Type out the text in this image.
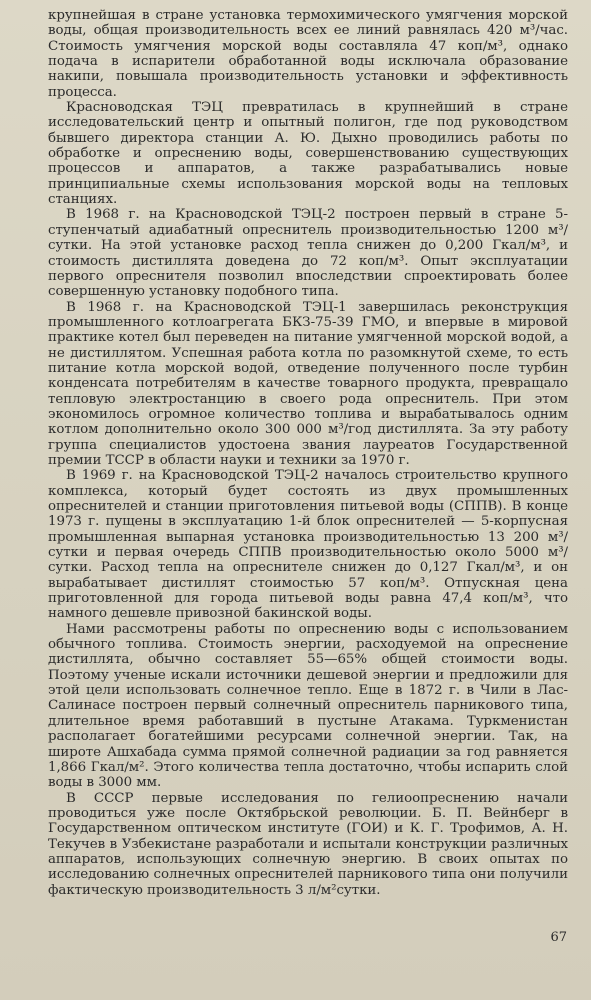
крупнейшая в стране установка термохимического умягчения морской воды, общая производительность всех ее линий равнялась 420 м³/час. Стоимость умягчения морской воды составляла 47 коп/м³, однако подача в испарители обработанной воды исключала образование накипи, повышала производительность установки и эффективность процесса.

Красноводская ТЭЦ превратилась в крупнейший в стране исследовательский центр и опытный полигон, где под руководством бывшего директора станции А. Ю. Дыхно проводились работы по обработке и опреснению воды, совершенствованию существующих процессов и аппаратов, а также разрабатывались новые принципиальные схемы использования морской воды на тепловых станциях.

В 1968 г. на Красноводской ТЭЦ-2 построен первый в стране 5-ступенчатый адиабатный опреснитель производительностью 1200 м³/сутки. На этой установке расход тепла снижен до 0,200 Гкал/м³, и стоимость дистиллята доведена до 72 коп/м³. Опыт эксплуатации первого опреснителя позволил впоследствии спроектировать более совершенную установку подобного типа.

В 1968 г. на Красноводской ТЭЦ-1 завершилась реконструкция промышленного котлоагрегата БКЗ-75-39 ГМО, и впервые в мировой практике котел был переведен на питание умягченной морской водой, а не дистиллятом. Успешная работа котла по разомкнутой схеме, то есть питание котла морской водой, отведение полученного после турбин конденсата потребителям в качестве товарного продукта, превращало тепловую электростанцию в своего рода опреснитель. При этом экономилось огромное количество топлива и вырабатывалось одним котлом дополнительно около 300 000 м³/год дистиллята. За эту работу группа специалистов удостоена звания лауреатов Государственной премии ТССР в области науки и техники за 1970 г.

В 1969 г. на Красноводской ТЭЦ-2 началось строительство крупного комплекса, который будет состоять из двух промышленных опреснителей и станции приготовления питьевой воды (СППВ). В конце 1973 г. пущены в эксплуатацию 1-й блок опреснителей — 5-корпусная промышленная выпарная установка производительностью 13 200 м³/сутки и первая очередь СППВ производительностью около 5000 м³/сутки. Расход тепла на опреснителе снижен до 0,127 Гкал/м³, и он вырабатывает дистиллят стоимостью 57 коп/м³. Отпускная цена приготовленной для города питьевой воды равна 47,4 коп/м³, что намного дешевле привозной бакинской воды.

Нами рассмотрены работы по опреснению воды с использованием обычного топлива. Стоимость энергии, расходуемой на опреснение дистиллята, обычно составляет 55—65% общей стоимости воды. Поэтому ученые искали источники дешевой энергии и предложили для этой цели использовать солнечное тепло. Еще в 1872 г. в Чили в Лас-Салинасе построен первый солнечный опреснитель парникового типа, длительное время работавший в пустыне Атакама. Туркменистан располагает богатейшими ресурсами солнечной энергии. Так, на широте Ашхабада сумма прямой солнечной радиации за год равняется 1,866 Гкал/м². Этого количества тепла достаточно, чтобы испарить слой воды в 3000 мм.

В СССР первые исследования по гелиоопреснению начали проводиться уже после Октябрьской революции. Б. П. Вейнберг в Государственном оптическом институте (ГОИ) и К. Г. Трофимов, А. Н. Текучев в Узбекистане разработали и испытали конструкции различных аппаратов, использующих солнечную энергию. В своих опытах по исследованию солнечных опреснителей парникового типа они получили фактическую производительность 3 л/м²сутки.

67
